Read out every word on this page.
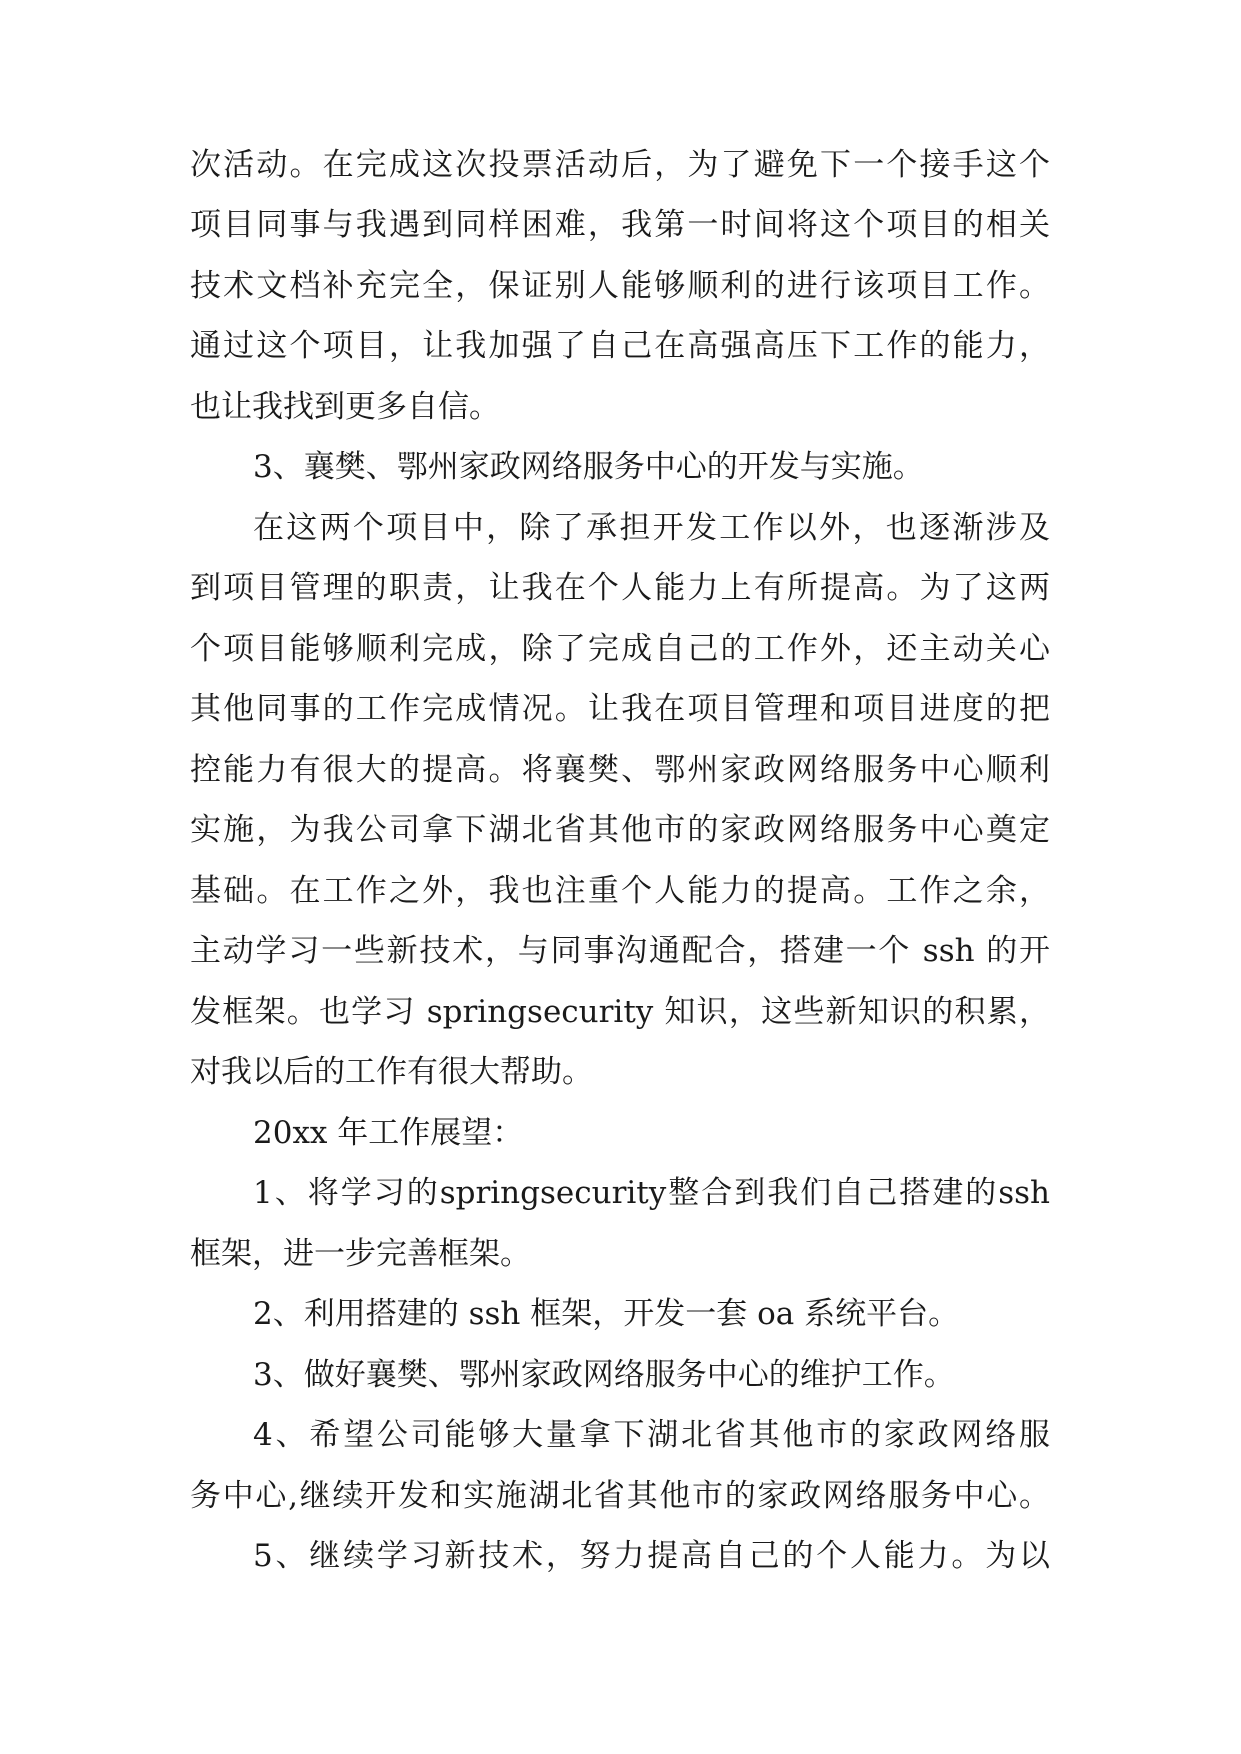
次活动。在完成这次投票活动后，为了避免下一个接手这个

项目同事与我遇到同样困难，我第一时间将这个项目的相关

技术文档补充完全，保证别人能够顺利的进行该项目工作。

通过这个项目，让我加强了自己在高强高压下工作的能力，

也让我找到更多自信。

3、襄樊、鄂州家政网络服务中心的开发与实施。

在这两个项目中，除了承担开发工作以外，也逐渐涉及

到项目管理的职责，让我在个人能力上有所提高。为了这两

个项目能够顺利完成，除了完成自己的工作外，还主动关心

其他同事的工作完成情况。让我在项目管理和项目进度的把

控能力有很大的提高。将襄樊、鄂州家政网络服务中心顺利

实施，为我公司拿下湖北省其他市的家政网络服务中心奠定

基础。在工作之外，我也注重个人能力的提高。工作之余，

主动学习一些新技术，与同事沟通配合，搭建一个 ssh 的开

发框架。也学习 springsecurity 知识，这些新知识的积累，

对我以后的工作有很大帮助。

20xx 年工作展望：

1、将学习的springsecurity整合到我们自己搭建的ssh

框架，进一步完善框架。

2、利用搭建的 ssh 框架，开发一套 oa 系统平台。

3、做好襄樊、鄂州家政网络服务中心的维护工作。

4、希望公司能够大量拿下湖北省其他市的家政网络服

务中心,继续开发和实施湖北省其他市的家政网络服务中心。

5、继续学习新技术，努力提高自己的个人能力。为以
